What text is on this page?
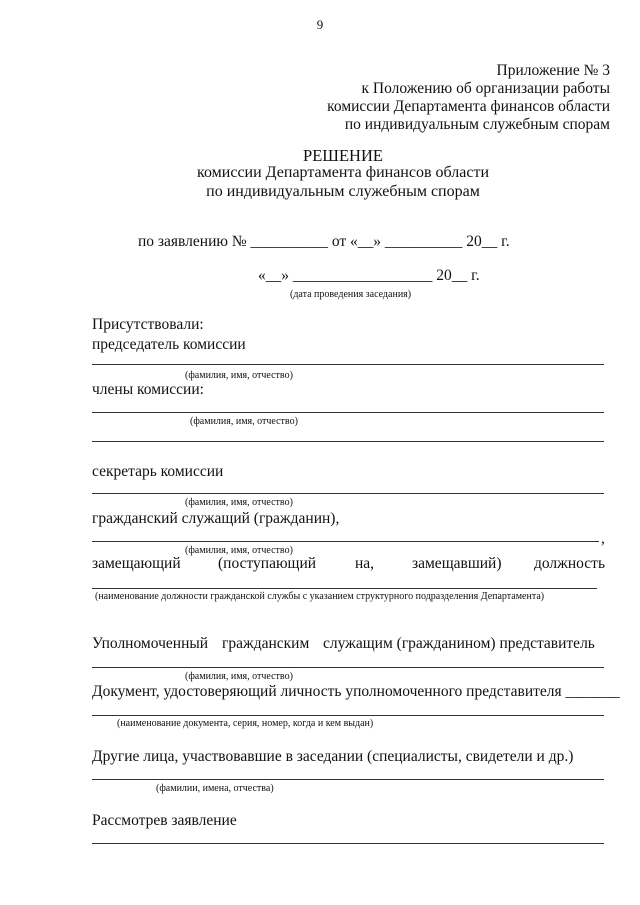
9
Приложение № 3
к Положению об организации работы
комиссии Департамента финансов области
по индивидуальным служебным спорам
РЕШЕНИЕ
комиссии Департамента финансов области
по индивидуальным служебным спорам
по заявлению № __________ от «__» __________ 20__ г.
«__» __________________ 20__ г.
(дата проведения заседания)
Присутствовали:
председатель комиссии
(фамилия, имя, отчество)
члены комиссии:
(фамилия, имя, отчество)
секретарь комиссии
(фамилия, имя, отчество)
гражданский служащий (гражданин),
,
(фамилия, имя, отчество)
замещающий (поступающий	на, замещавший) должность
(наименование должности гражданской службы с указанием структурного подразделения Департамента)
Уполномоченный гражданским служащим (гражданином) представитель
(фамилия, имя, отчество)
Документ, удостоверяющий личность уполномоченного представителя _______
(наименование документа, серия, номер, когда и кем выдан)
Другие лица, участвовавшие в заседании (специалисты, свидетели и др.)
(фамилии, имена, отчества)
Рассмотрев заявление
